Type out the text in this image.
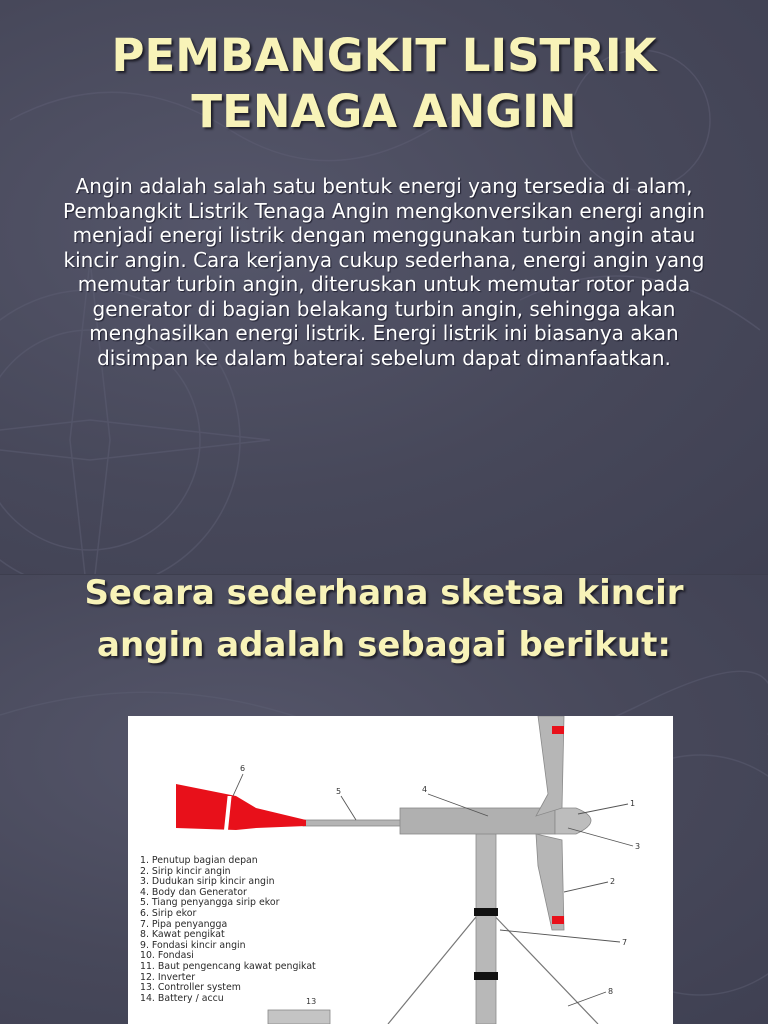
PEMBANGKIT LISTRIK
TENAGA ANGIN

Angin adalah salah satu bentuk energi yang tersedia di alam, Pembangkit Listrik Tenaga Angin mengkonversikan energi angin menjadi energi listrik dengan menggunakan turbin angin atau kincir angin. Cara kerjanya cukup sederhana, energi angin yang memutar turbin angin, diteruskan untuk memutar rotor pada generator di bagian belakang turbin angin, sehingga akan menghasilkan energi listrik. Energi listrik ini biasanya akan disimpan ke dalam baterai sebelum dapat dimanfaatkan.

Secara sederhana sketsa kincir
angin adalah sebagai berikut:
6
5	4
1
3
2
7
8
13
1. Penutup bagian depan
2. Sirip kincir angin
3. Dudukan sirip kincir angin
4. Body dan Generator
5. Tiang penyangga sirip ekor
6. Sirip ekor
7. Pipa penyangga
8. Kawat pengikat
9. Fondasi kincir angin
10. Fondasi
11. Baut pengencang kawat pengikat
12. Inverter
13. Controller system
14. Battery / accu
